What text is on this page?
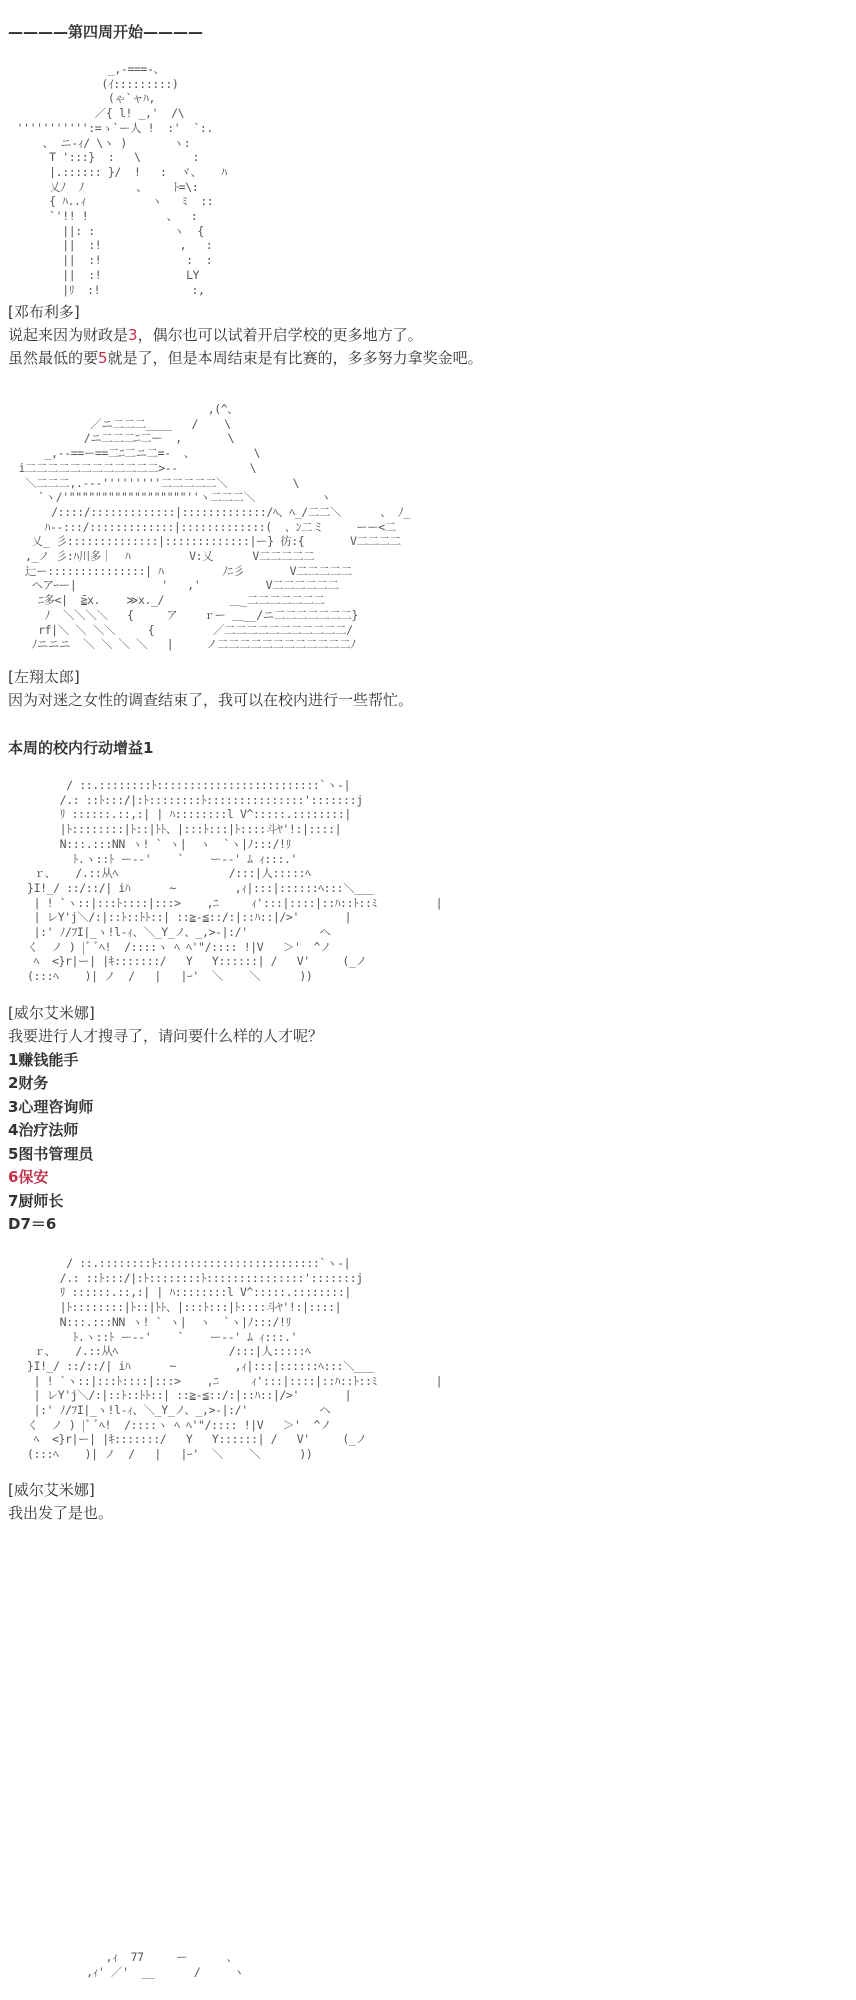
————第四周开始————
_,-===-、
(ｲ:::::::::)
(ゃ`ャﾊ,
／{ l! _,'  /\
''''''''''':=ゝ`ー人 !  :'  `:.
、 ニ-ｨ/ \ヽ )       ヽ:
T ':::}  :   \        :
|.:::::: }/  !   :  ヾ、   ﾊ
乂ﾉ  ﾉ        、    ﾄ=\:
{ ﾊ..ｨ          ヽ   ﾐ  ::
`'!! !            、  :
||: :            ヽ  {
||  :!            ,   :
||  :!             :  :
||  :!             LY
|ﾘ  :!              :,

[邓布利多]
说起来因为财政是3，偶尔也可以试着开启学校的更多地方了。
虽然最低的要5就是了，但是本周结束是有比赛的，多多努力拿奖金吧。
,(^、
／ニ二二二____   /    \
/ニ二二二ﾆ二ー  ,       \
_,--==ー==二ﾆ二ニ二=-  、         \
i二二二二二二二二二二二二>--           \
＼二二二,.---'''''''''二二二二二＼          \
`ヽ/'""""""""""""""""""''ヽ二二二＼          ヽ
/::::/:::::::::::::|:::::::::::::/ﾍ、ﾍ_/二二＼      、 ﾉ_
ﾊ--:::/:::::::::::::|:::::::::::::(  、ﾝ二ミ     ーー<二
乂_ 彡::::::::::::::|:::::::::::::|ー} 彷:{       V二二二二
,_ノ 彡:ﾊ川多｜  ﾊ         V:乂      V二二二二二
辷ー:::::::::::::::| ﾊ         ﾉﾆ彡       V二二二二二
ヘアｰー|             '   ,'          V二二二二二二
ﾆ多<|  ̄≧x.    ≫x._/          ＿_二二二二二二二
ﾉ  ＼＼＼＼   {     ア    ｒー ＿__/ニ二二二二二二二}
rf|＼ ＼ ＼＼     {         ／二二二二二二二二二二二/
ﾉニニニ  ＼ ＼ ＼ ＼   |     ノ二二二二二二二二二二二二ﾉ

[左翔太郎]
因为对迷之女性的调查结束了，我可以在校内进行一些帮忙。
本周的校内行动增益1
/ ::.::::::::ﾄ:::::::::::::::::::::::::`ヽ-|
/.: ::ﾄ:::/|:ﾄ::::::::ﾄ:::::::::::::::':::::::j
ﾘ ::::::.::,:| | ﾊ::::::::l V^:::::.::::::::|
|ﾄ::::::::|ﾄ::|ﾄﾄ、|:::ﾄ:::|ﾄ::::斗ﾔ'!:|::::|
N:::.:::NN ヽ! ` ヽ|  ヽ  `ヽ|ﾉ:::/!ﾘ
ﾄ.ヽ::ﾄ ー--'    `    ー--' ﾑ ｨ:::.'
ｒ、   /.::从ﾍ                 /:::|人:::::ﾍ
}I!_/ ::/::/| iﾊ      ~         ,ｨ|:::|::::::ﾍ:::＼___
| ! `ヽ::|:::ﾄ::::|:::>    ,ﾆ     ｨ':::|::::|::ﾊ::ﾄ::ﾐ         |
| レY'j＼/:|::ﾄ::ﾄﾄ::| ::≧-≦::/:|::ﾊ::|/>'       |
|:' ﾉ/ﾌI|_ヽ!l-ｨ、＼_Y_ノ、_,>-|:/'           ヘ
く  ノ ) |ﾞ ﾞﾍ!  /::::ヽ ﾍ ﾍ'"/:::: !|V   ＞'  ^ノ
ﾍ  <}r|ー| |ｷ:::::::/   Y   Y::::::| /   V'     (_ノ
(:::ﾍ    )| ノ  /   |   |ｰ'  ＼    ＼      ))

[威尔艾米娜]
我要进行人才搜寻了，请问要什么样的人才呢？
1赚钱能手
2财务
3心理咨询师
4治疗法师
5图书管理员
6保安
7厨师长
D7＝6
/ ::.::::::::ﾄ:::::::::::::::::::::::::`ヽ-|
/.: ::ﾄ:::/|:ﾄ::::::::ﾄ:::::::::::::::':::::::j
ﾘ ::::::.::,:| | ﾊ::::::::l V^:::::.::::::::|
|ﾄ::::::::|ﾄ::|ﾄﾄ、|:::ﾄ:::|ﾄ::::斗ﾔ'!:|::::|
N:::.:::NN ヽ! ` ヽ|  ヽ  `ヽ|ﾉ:::/!ﾘ
ﾄ.ヽ::ﾄ ー--'    `    ー--' ﾑ ｨ:::.'
ｒ、   /.::从ﾍ                 /:::|人:::::ﾍ
}I!_/ ::/::/| iﾊ      ~         ,ｨ|:::|::::::ﾍ:::＼___
| ! `ヽ::|:::ﾄ::::|:::>    ,ﾆ     ｨ':::|::::|::ﾊ::ﾄ::ﾐ         |
| レY'j＼/:|::ﾄ::ﾄﾄ::| ::≧-≦::/:|::ﾊ::|/>'       |
|:' ﾉ/ﾌI|_ヽ!l-ｨ、＼_Y_ノ、_,>-|:/'           ヘ
く  ノ ) |ﾞ ﾞﾍ!  /::::ヽ ﾍ ﾍ'"/:::: !|V   ＞'  ^ノ
ﾍ  <}r|ー| |ｷ:::::::/   Y   Y::::::| /   V'     (_ノ
(:::ﾍ    )| ノ  /   |   |ｰ'  ＼    ＼      ))

[威尔艾米娜]
我出发了是也。
,ｨ  77     ー      、
,ｨ' ／'  __      /     ヽ
